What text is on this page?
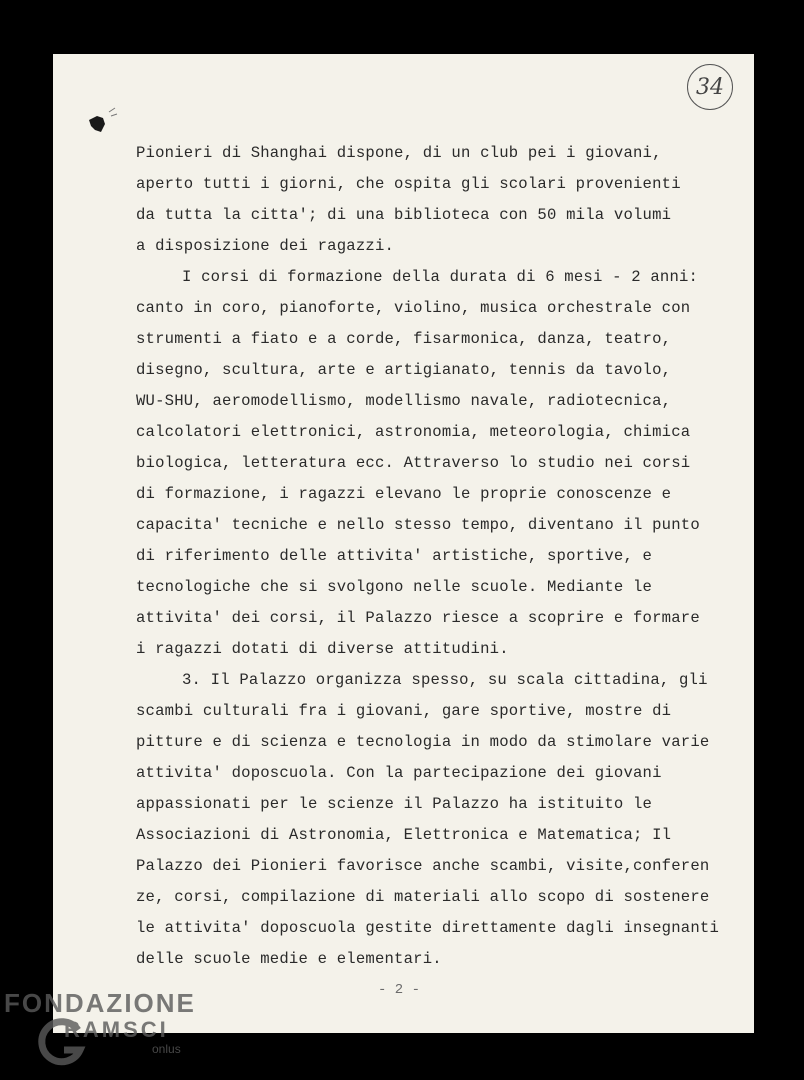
34
Pionieri di Shanghai dispone, di un club pei i giovani,
aperto tutti i giorni, che ospita gli scolari provenienti
da tutta la citta'; di una biblioteca con 50 mila volumi
a disposizione dei ragazzi.
I corsi di formazione della durata di 6 mesi - 2 anni:
canto in coro, pianoforte, violino, musica orchestrale con
strumenti a fiato e a corde, fisarmonica, danza, teatro,
disegno, scultura, arte e artigianato, tennis da tavolo,
WU-SHU, aeromodellismo, modellismo navale, radiotecnica,
calcolatori elettronici, astronomia, meteorologia, chimica
biologica, letteratura ecc. Attraverso lo studio nei corsi
di formazione, i ragazzi elevano le proprie conoscenze e
capacita' tecniche e nello stesso tempo, diventano il punto
di riferimento delle attivita' artistiche, sportive, e
tecnologiche che si svolgono nelle scuole. Mediante le
attivita' dei corsi, il Palazzo riesce a scoprire e formare
i ragazzi dotati di diverse attitudini.
3. Il Palazzo organizza spesso, su scala cittadina, gli
scambi culturali fra i giovani, gare sportive, mostre di
pitture e di scienza e tecnologia in modo da stimolare varie
attivita' doposcuola. Con la partecipazione dei giovani
appassionati per le scienze il Palazzo ha istituito le
Associazioni di Astronomia, Elettronica e Matematica; Il
Palazzo dei Pionieri favorisce anche scambi, visite,conferen
ze, corsi, compilazione di materiali allo scopo di sostenere
le attivita' doposcuola gestite direttamente dagli insegnanti
delle scuole medie e elementari.
- 2 -
FONDAZIONE
RAMSCI
onlus
